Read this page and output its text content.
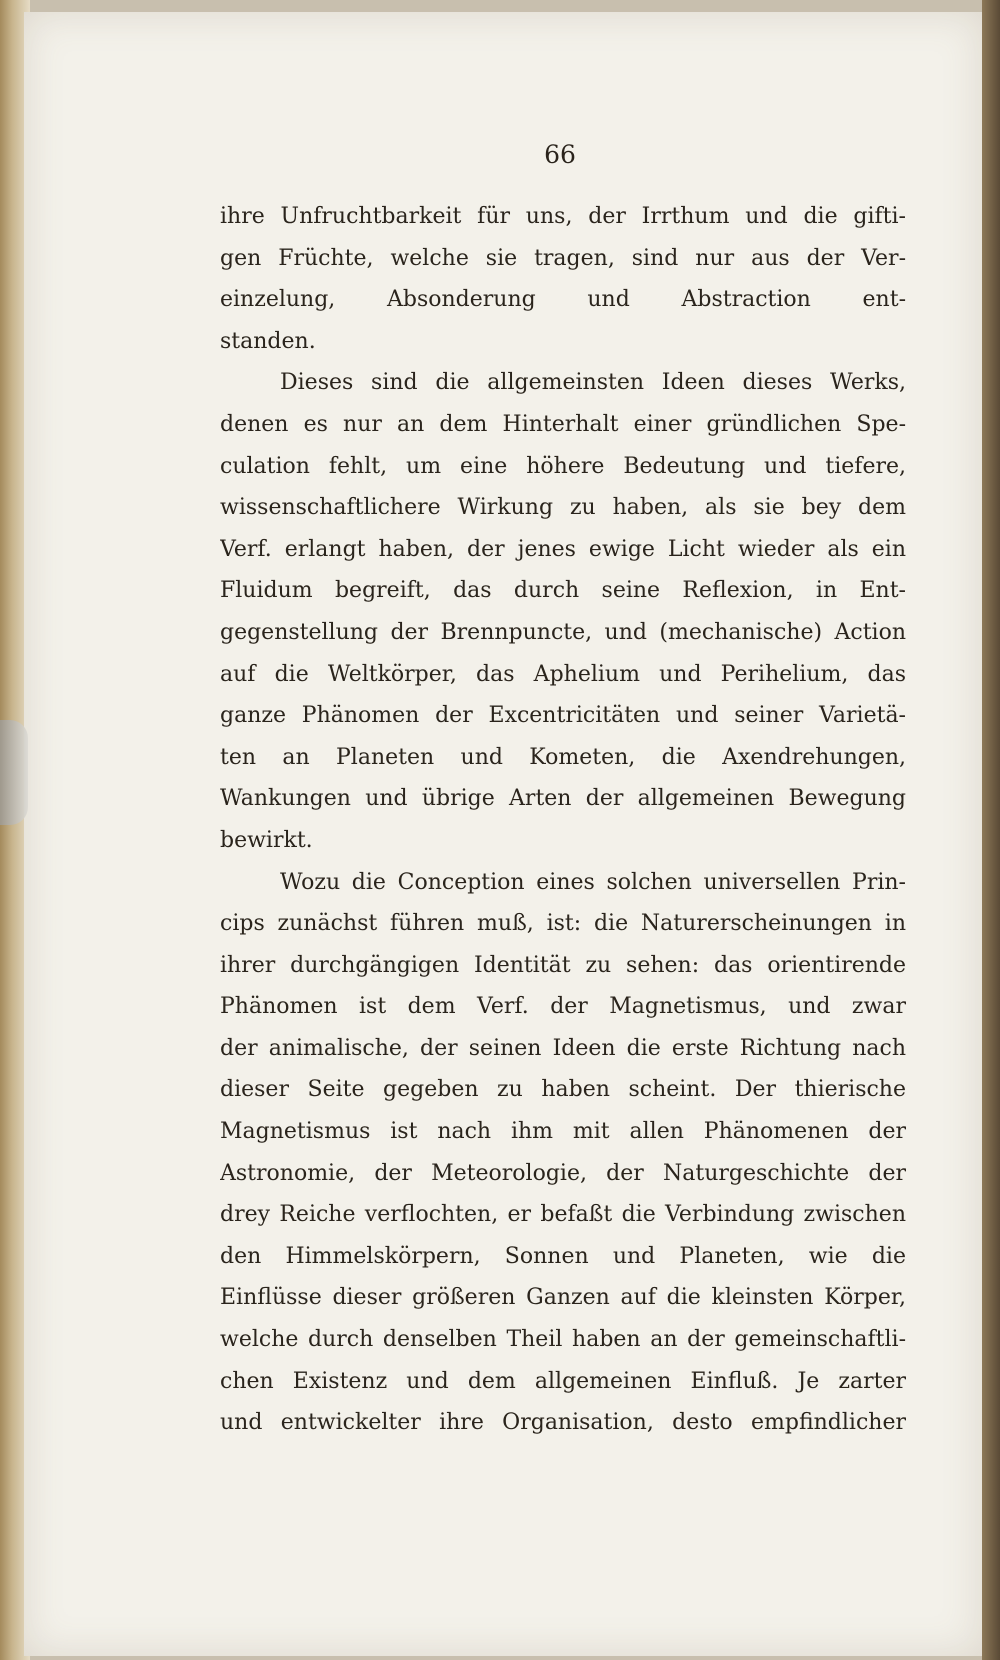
66
ihre Unfruchtbarkeit für uns, der Irrthum und die gifti-
gen Früchte, welche sie tragen, sind nur aus der Ver-
einzelung, Absonderung und Abstraction ent-
standen.
Dieses sind die allgemeinsten Ideen dieses Werks,
denen es nur an dem Hinterhalt einer gründlichen Spe-
culation fehlt, um eine höhere Bedeutung und tiefere,
wissenschaftlichere Wirkung zu haben, als sie bey dem
Verf. erlangt haben, der jenes ewige Licht wieder als ein
Fluidum begreift, das durch seine Reflexion, in Ent-
gegenstellung der Brennpuncte, und (mechanische) Action
auf die Weltkörper, das Aphelium und Perihelium, das
ganze Phänomen der Excentricitäten und seiner Varietä-
ten an Planeten und Kometen, die Axendrehungen,
Wankungen und übrige Arten der allgemeinen Bewegung
bewirkt.
Wozu die Conception eines solchen universellen Prin-
cips zunächst führen muß, ist: die Naturerscheinungen in
ihrer durchgängigen Identität zu sehen: das orientirende
Phänomen ist dem Verf. der Magnetismus, und zwar
der animalische, der seinen Ideen die erste Richtung nach
dieser Seite gegeben zu haben scheint. Der thierische
Magnetismus ist nach ihm mit allen Phänomenen der
Astronomie, der Meteorologie, der Naturgeschichte der
drey Reiche verflochten, er befaßt die Verbindung zwischen
den Himmelskörpern, Sonnen und Planeten, wie die
Einflüsse dieser größeren Ganzen auf die kleinsten Körper,
welche durch denselben Theil haben an der gemeinschaftli-
chen Existenz und dem allgemeinen Einfluß. Je zarter
und entwickelter ihre Organisation, desto empfindlicher
